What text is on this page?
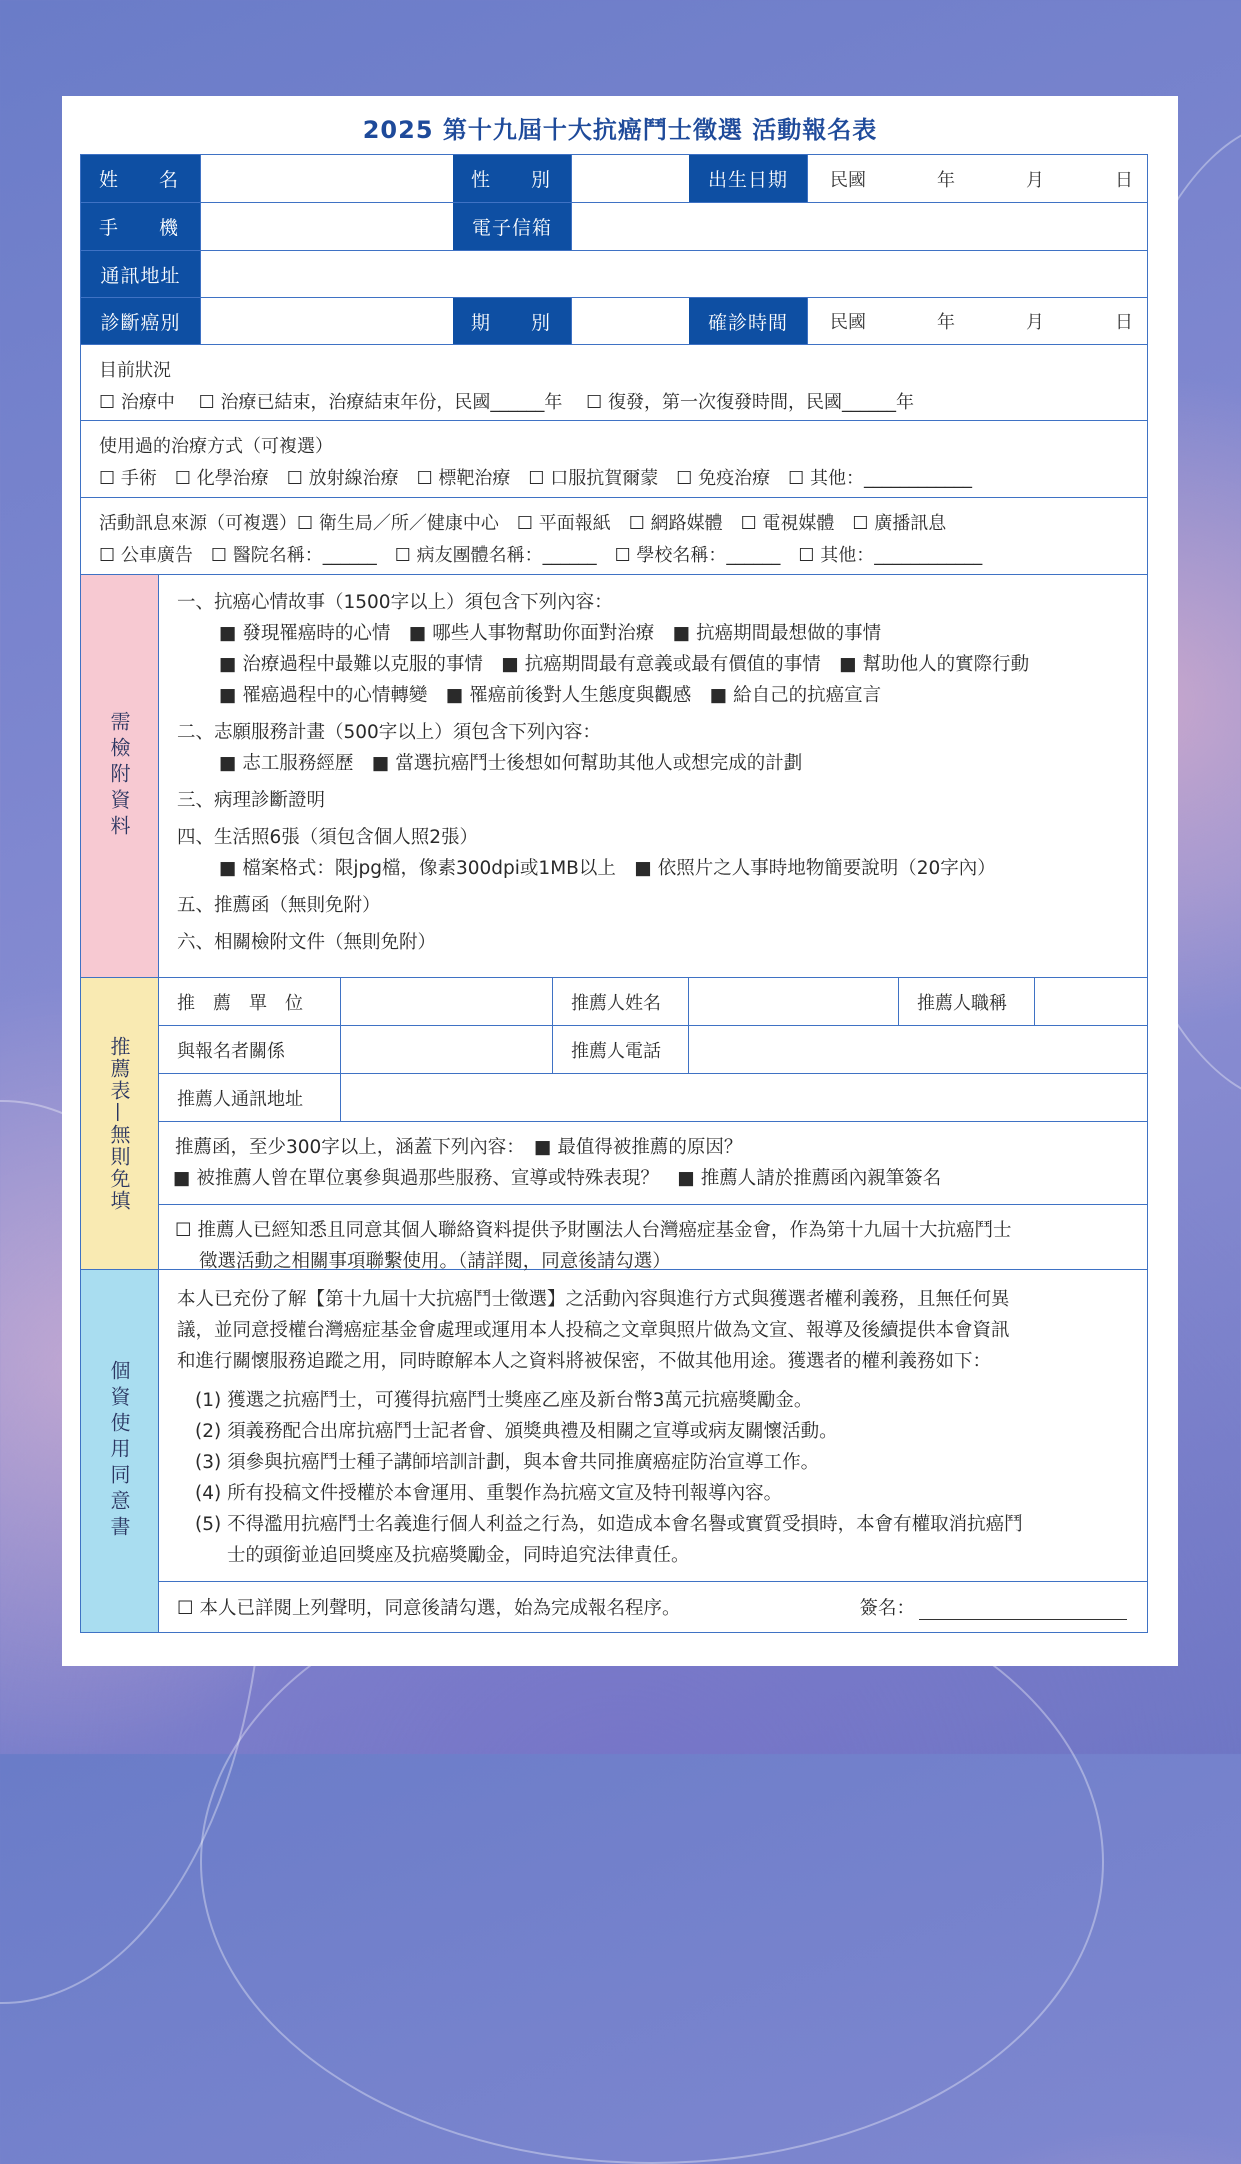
2025 第十九屆十大抗癌鬥士徵選 活動報名表
姓　　名	性　　別	出生日期	民國	年	月	日
手　　機	電子信箱
通訊地址
診斷癌別	期　　別	確診時間	民國	年	月	日
目前狀況
☐ 治療中　 ☐ 治療已結束，治療結束年份，民國______年　 ☐ 復發，第一次復發時間，民國______年
使用過的治療方式（可複選）
☐ 手術　☐ 化學治療　☐ 放射線治療　☐ 標靶治療　☐ 口服抗賀爾蒙　☐ 免疫治療　☐ 其他：____________
活動訊息來源（可複選）☐ 衛生局／所／健康中心　☐ 平面報紙　☐ 網路媒體　☐ 電視媒體　☐ 廣播訊息
☐ 公車廣告　☐ 醫院名稱：______　☐ 病友團體名稱：______　☐ 學校名稱：______　☐ 其他：____________
需檢附資料
一、抗癌心情故事（1500字以上）須包含下列內容：
■ 發現罹癌時的心情　■ 哪些人事物幫助你面對治療　■ 抗癌期間最想做的事情
■ 治療過程中最難以克服的事情　■ 抗癌期間最有意義或最有價值的事情　■ 幫助他人的實際行動
■ 罹癌過程中的心情轉變　■ 罹癌前後對人生態度與觀感　■ 給自己的抗癌宣言
二、志願服務計畫（500字以上）須包含下列內容：
■ 志工服務經歷　■ 當選抗癌鬥士後想如何幫助其他人或想完成的計劃
三、病理診斷證明
四、生活照6張（須包含個人照2張）
■ 檔案格式：限jpg檔，像素300dpi或1MB以上　■ 依照片之人事時地物簡要說明（20字內）
五、推薦函（無則免附）
六、相關檢附文件（無則免附）
推薦表—無則免填
推　薦　單　位	推薦人姓名	推薦人職稱
與報名者關係	推薦人電話
推薦人通訊地址
推薦函，至少300字以上，涵蓋下列內容：　■ 最值得被推薦的原因？
■ 被推薦人曾在單位裏參與過那些服務、宣導或特殊表現？　■ 推薦人請於推薦函內親筆簽名
☐ 推薦人已經知悉且同意其個人聯絡資料提供予財團法人台灣癌症基金會，作為第十九屆十大抗癌鬥士
徵選活動之相關事項聯繫使用。（請詳閱，同意後請勾選）
個資使用同意書
本人已充份了解【第十九屆十大抗癌鬥士徵選】之活動內容與進行方式與獲選者權利義務，且無任何異
議，並同意授權台灣癌症基金會處理或運用本人投稿之文章與照片做為文宣、報導及後續提供本會資訊
和進行關懷服務追蹤之用，同時瞭解本人之資料將被保密，不做其他用途。獲選者的權利義務如下：
(1) 獲選之抗癌鬥士，可獲得抗癌鬥士獎座乙座及新台幣3萬元抗癌獎勵金。
(2) 須義務配合出席抗癌鬥士記者會、頒獎典禮及相關之宣導或病友關懷活動。
(3) 須參與抗癌鬥士種子講師培訓計劃，與本會共同推廣癌症防治宣導工作。
(4) 所有投稿文件授權於本會運用、重製作為抗癌文宣及特刊報導內容。
(5) 不得濫用抗癌鬥士名義進行個人利益之行為，如造成本會名譽或實質受損時，本會有權取消抗癌鬥
士的頭銜並追回獎座及抗癌獎勵金，同時追究法律責任。
☐ 本人已詳閱上列聲明，同意後請勾選，始為完成報名程序。	簽名：
